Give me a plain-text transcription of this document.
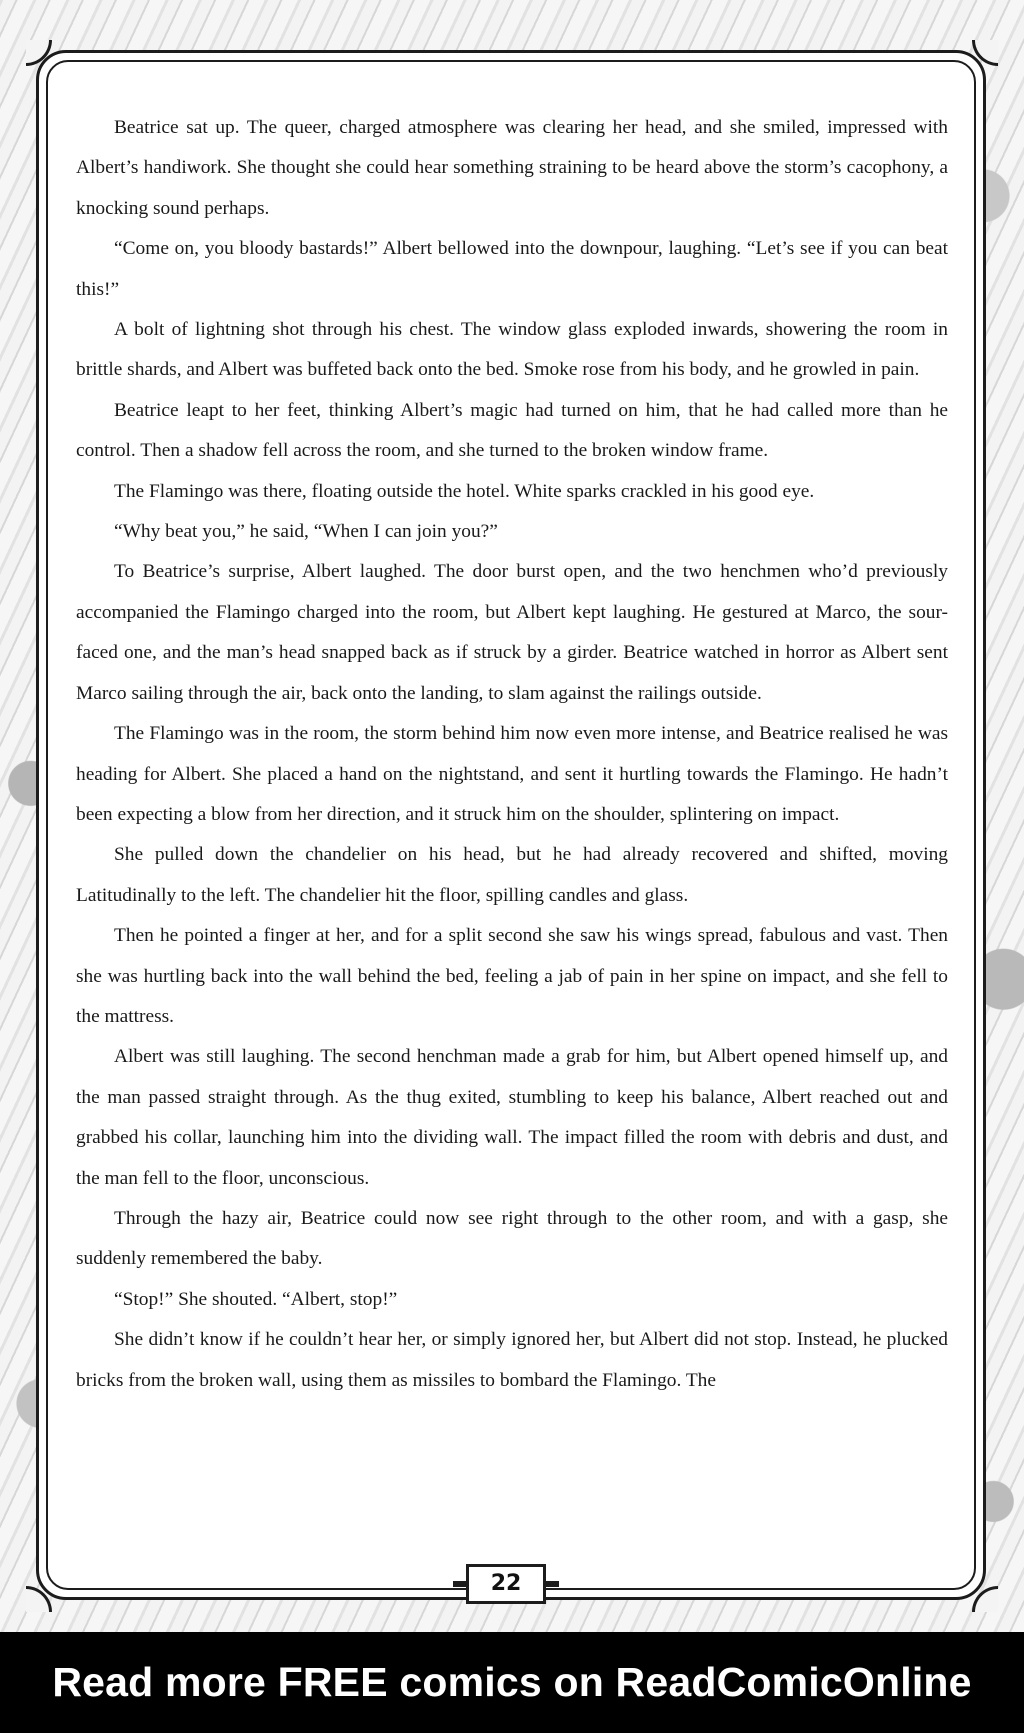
Beatrice sat up. The queer, charged atmosphere was clearing her head, and she smiled, impressed with Albert’s handiwork. She thought she could hear something straining to be heard above the storm’s cacophony, a knocking sound perhaps.

“Come on, you bloody bastards!” Albert bellowed into the downpour, laughing. “Let’s see if you can beat this!”

A bolt of lightning shot through his chest. The window glass exploded inwards, showering the room in brittle shards, and Albert was buffeted back onto the bed. Smoke rose from his body, and he growled in pain.

Beatrice leapt to her feet, thinking Albert’s magic had turned on him, that he had called more than he control. Then a shadow fell across the room, and she turned to the broken window frame.

The Flamingo was there, floating outside the hotel. White sparks crackled in his good eye.

“Why beat you,” he said, “When I can join you?”

To Beatrice’s surprise, Albert laughed. The door burst open, and the two henchmen who’d previously accompanied the Flamingo charged into the room, but Albert kept laughing. He gestured at Marco, the sour-faced one, and the man’s head snapped back as if struck by a girder. Beatrice watched in horror as Albert sent Marco sailing through the air, back onto the landing, to slam against the railings outside.

The Flamingo was in the room, the storm behind him now even more intense, and Beatrice realised he was heading for Albert. She placed a hand on the nightstand, and sent it hurtling towards the Flamingo. He hadn’t been expecting a blow from her direction, and it struck him on the shoulder, splintering on impact.

She pulled down the chandelier on his head, but he had already recovered and shifted, moving Latitudinally to the left. The chandelier hit the floor, spilling candles and glass.

Then he pointed a finger at her, and for a split second she saw his wings spread, fabulous and vast. Then she was hurtling back into the wall behind the bed, feeling a jab of pain in her spine on impact, and she fell to the mattress.

Albert was still laughing. The second henchman made a grab for him, but Albert opened himself up, and the man passed straight through. As the thug exited, stumbling to keep his balance, Albert reached out and grabbed his collar, launching him into the dividing wall. The impact filled the room with debris and dust, and the man fell to the floor, unconscious.

Through the hazy air, Beatrice could now see right through to the other room, and with a gasp, she suddenly remembered the baby.

“Stop!” She shouted. “Albert, stop!”

She didn’t know if he couldn’t hear her, or simply ignored her, but Albert did not stop. Instead, he plucked bricks from the broken wall, using them as missiles to bombard the Flamingo. The

22
Read more FREE comics on ReadComicOnline
